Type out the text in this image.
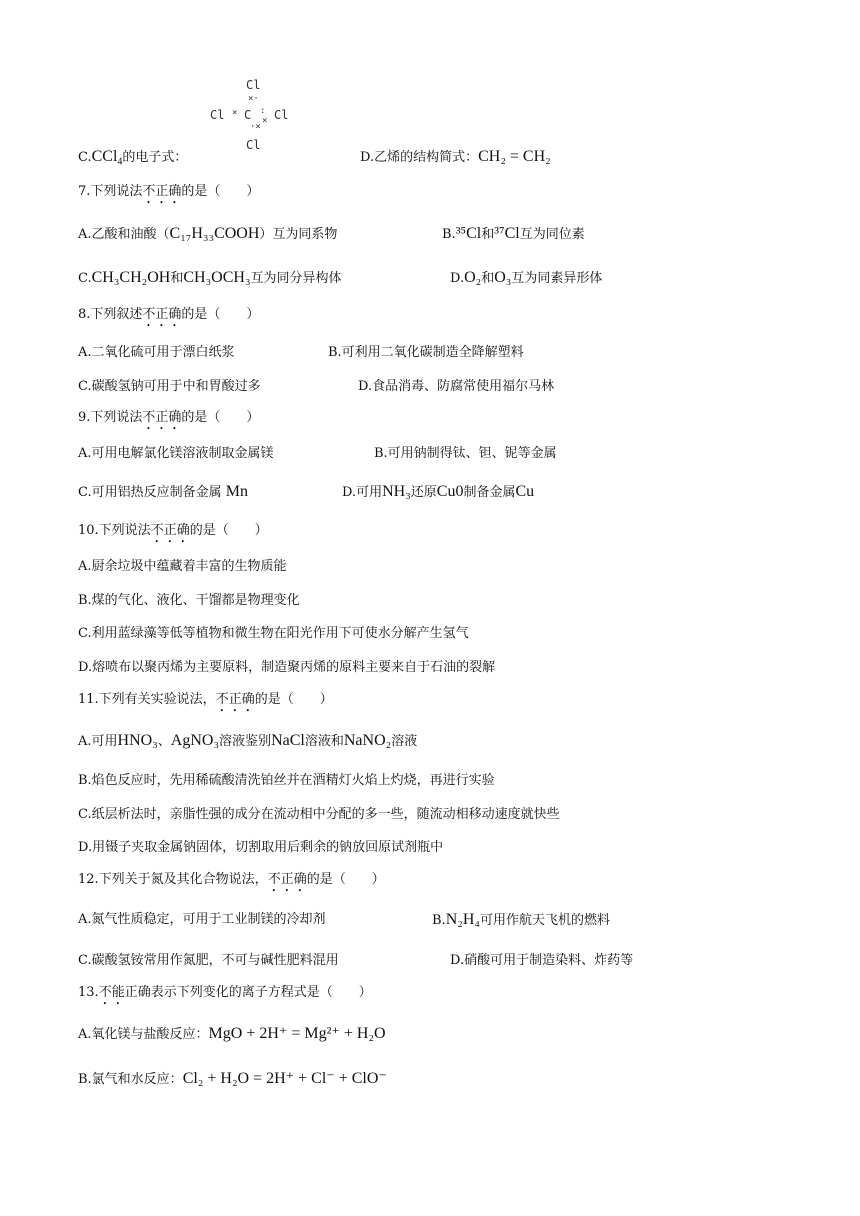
Cl
×·
Cl × C :
× Cl
·×
Cl
C.CCl$_4$的电子式：	D.乙烯的结构简式：CH₂ = CH₂
7.下列说法不正确的是（　　）
A.乙酸和油酸（C₁₇H₃₃COOH）互为同系物	B.³⁵Cl和³⁷Cl互为同位素
C.CH₃CH₂OH和CH₃OCH₃互为同分异构体	D.O₂和O₃互为同素异形体
8.下列叙述不正确的是（　　）
A.二氧化硫可用于漂白纸浆	B.可利用二氧化碳制造全降解塑料
C.碳酸氢钠可用于中和胃酸过多	D.食品消毒、防腐常使用福尔马林
9.下列说法不正确的是（　　）
A.可用电解氯化镁溶液制取金属镁	B.可用钠制得钛、钽、铌等金属
C.可用铝热反应制备金属 Mn	D.可用NH₃还原Cu0制备金属Cu
10.下列说法不正确的是（　　）
A.厨余垃圾中蕴藏着丰富的生物质能
B.煤的气化、液化、干馏都是物理变化
C.利用蓝绿藻等低等植物和微生物在阳光作用下可使水分解产生氢气
D.熔喷布以聚丙烯为主要原料，制造聚丙烯的原料主要来自于石油的裂解
11.下列有关实验说法，不正确的是（　　）
A.可用HNO₃、AgNO₃溶液鉴别NaCl溶液和NaNO₂溶液
B.焰色反应时，先用稀硫酸清洗铂丝并在酒精灯火焰上灼烧，再进行实验
C.纸层析法时，亲脂性强的成分在流动相中分配的多一些，随流动相移动速度就快些
D.用镊子夹取金属钠固体，切割取用后剩余的钠放回原试剂瓶中
12.下列关于氮及其化合物说法，不正确的是（　　）
A.氮气性质稳定，可用于工业制镁的冷却剂	B.N₂H₄可用作航天飞机的燃料
C.碳酸氢铵常用作氮肥，不可与碱性肥料混用	D.硝酸可用于制造染料、炸药等
13.不能正确表示下列变化的离子方程式是（　　）
A.氧化镁与盐酸反应：MgO + 2H⁺ = Mg²⁺ + H₂O
B.氯气和水反应：Cl₂ + H₂O = 2H⁺ + Cl⁻ + ClO⁻
